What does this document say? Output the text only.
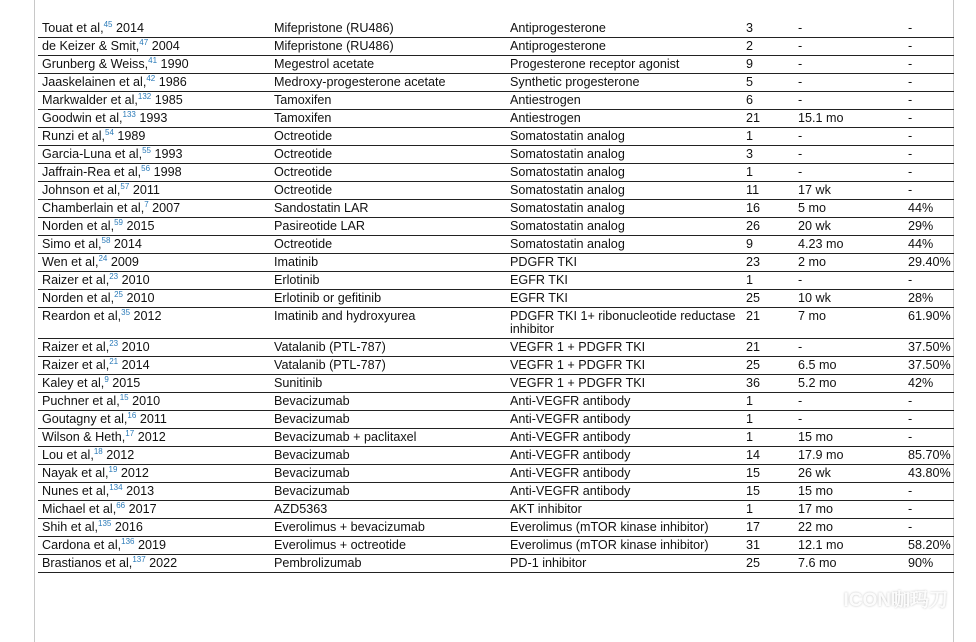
Touat et al,$^{45}$ 2014	Mifepristone (RU486)	Antiprogesterone	3	-	-
de Keizer & Smit,$^{47}$ 2004	Mifepristone (RU486)	Antiprogesterone	2	-	-
Grunberg & Weiss,$^{41}$ 1990	Megestrol acetate	Progesterone receptor agonist	9	-	-
Jaaskelainen et al,$^{42}$ 1986	Medroxy-progesterone acetate	Synthetic progesterone	5	-	-
Markwalder et al,$^{132}$ 1985	Tamoxifen	Antiestrogen	6	-	-
Goodwin et al,$^{133}$ 1993	Tamoxifen	Antiestrogen	21	15.1 mo	-
Runzi et al,$^{54}$ 1989	Octreotide	Somatostatin analog	1	-	-
Garcia-Luna et al,$^{55}$ 1993	Octreotide	Somatostatin analog	3	-	-
Jaffrain-Rea et al,$^{56}$ 1998	Octreotide	Somatostatin analog	1	-	-
Johnson et al,$^{57}$ 2011	Octreotide	Somatostatin analog	11	17 wk	-
Chamberlain et al,$^7$ 2007	Sandostatin LAR	Somatostatin analog	16	5 mo	44%
Norden et al,$^{59}$ 2015	Pasireotide LAR	Somatostatin analog	26	20 wk	29%
Simo et al,$^{58}$ 2014	Octreotide	Somatostatin analog	9	4.23 mo	44%
Wen et al,$^{24}$ 2009	Imatinib	PDGFR TKI	23	2 mo	29.40%
Raizer et al,$^{23}$ 2010	Erlotinib	EGFR TKI	1	-	-
Norden et al,$^{25}$ 2010	Erlotinib or gefitinib	EGFR TKI	25	10 wk	28%
Reardon et al,$^{35}$ 2012	Imatinib and hydroxyurea	PDGFR TKI 1+ ribonucleotide reductase inhibitor	21	7 mo	61.90%
Raizer et al,$^{23}$ 2010	Vatalanib (PTL-787)	VEGFR 1 + PDGFR TKI	21	-	37.50%
Raizer et al,$^{21}$ 2014	Vatalanib (PTL-787)	VEGFR 1 + PDGFR TKI	25	6.5 mo	37.50%
Kaley et al,$^9$ 2015	Sunitinib	VEGFR 1 + PDGFR TKI	36	5.2 mo	42%
Puchner et al,$^{15}$ 2010	Bevacizumab	Anti-VEGFR antibody	1	-	-
Goutagny et al,$^{16}$ 2011	Bevacizumab	Anti-VEGFR antibody	1	-	-
Wilson & Heth,$^{17}$ 2012	Bevacizumab + paclitaxel	Anti-VEGFR antibody	1	15 mo	-
Lou et al,$^{18}$ 2012	Bevacizumab	Anti-VEGFR antibody	14	17.9 mo	85.70%
Nayak et al,$^{19}$ 2012	Bevacizumab	Anti-VEGFR antibody	15	26 wk	43.80%
Nunes et al,$^{134}$ 2013	Bevacizumab	Anti-VEGFR antibody	15	15 mo	-
Michael et al,$^{66}$ 2017	AZD5363	AKT inhibitor	1	17 mo	-
Shih et al,$^{135}$ 2016	Everolimus + bevacizumab	Everolimus (mTOR kinase inhibitor)	17	22 mo	-
Cardona et al,$^{136}$ 2019	Everolimus + octreotide	Everolimus (mTOR kinase inhibitor)	31	12.1 mo	58.20%
Brastianos et al,$^{137}$ 2022	Pembrolizumab	PD-1 inhibitor	25	7.6 mo	90%
ICON咖玛刀
